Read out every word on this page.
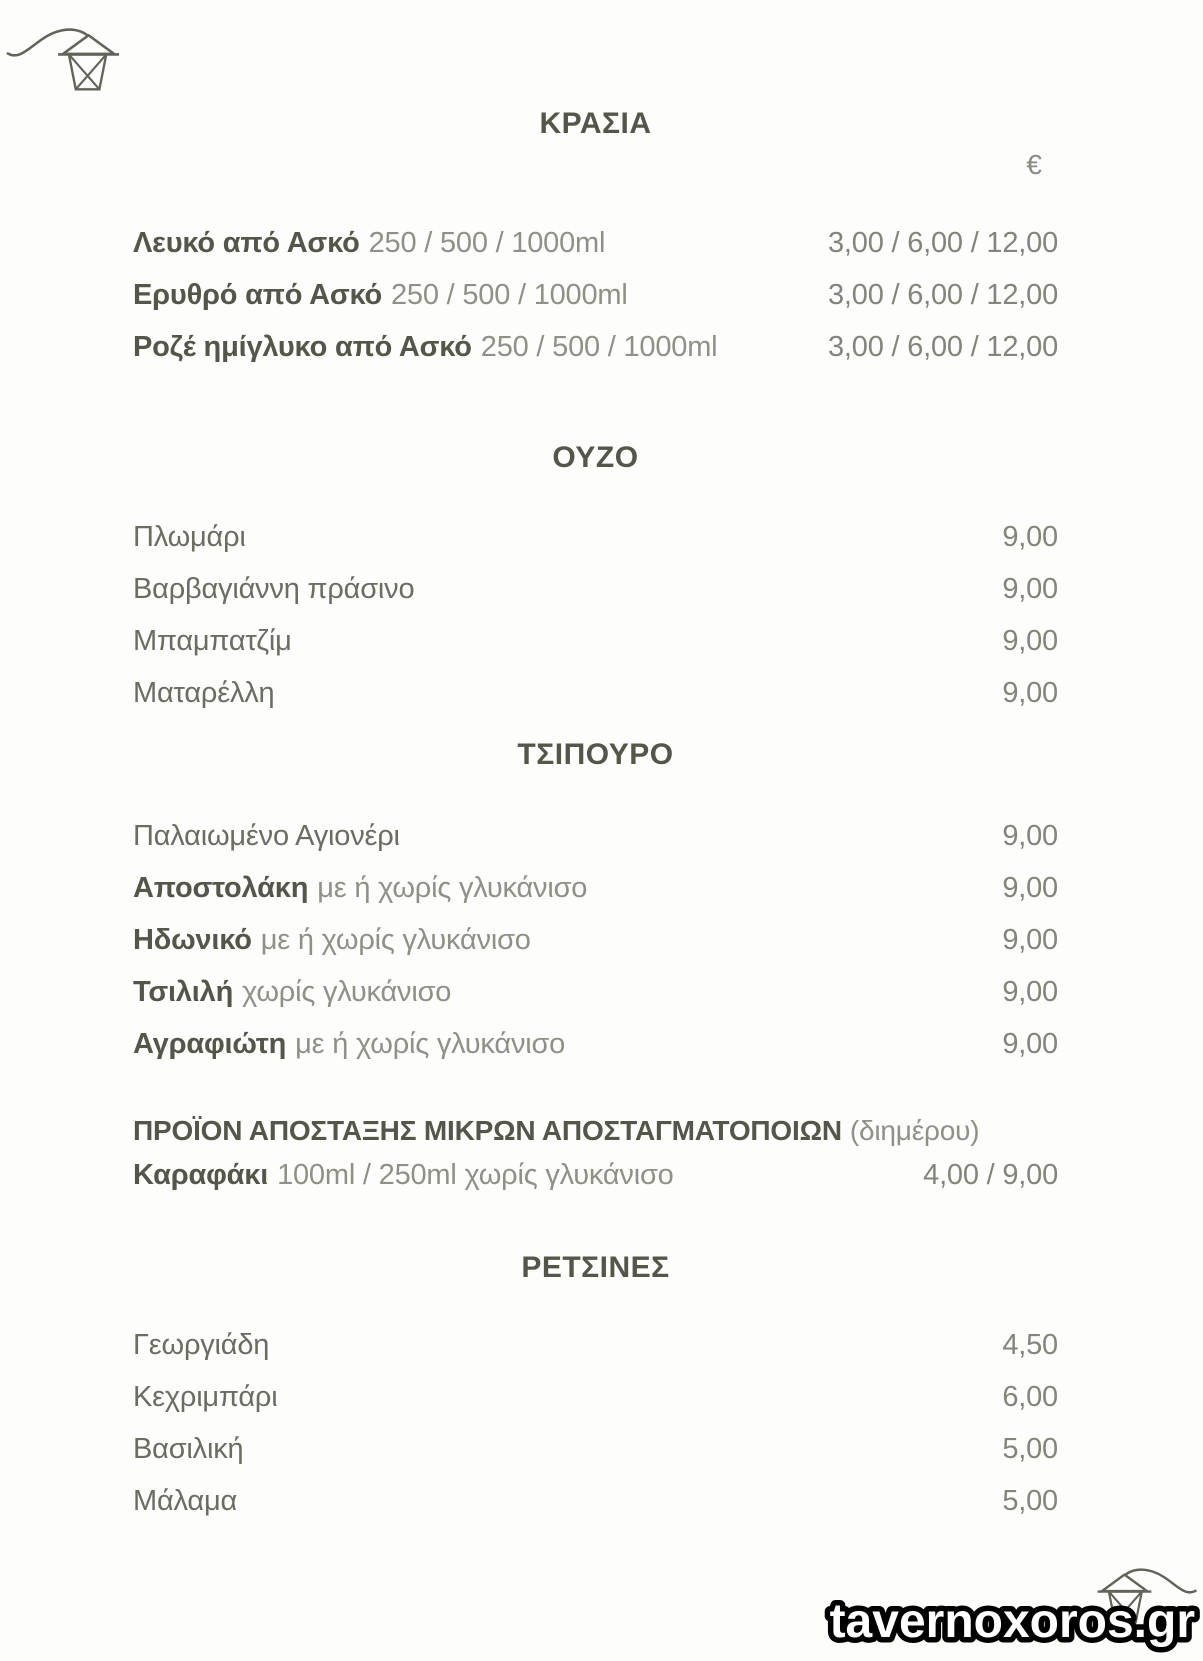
ΚΡΑΣΙΑ
€
Λευκό από Ασκό 250 / 500 / 1000ml	3,00 / 6,00 / 12,00
Ερυθρό από Ασκό 250 / 500 / 1000ml	3,00 / 6,00 / 12,00
Ροζέ ημίγλυκο από Ασκό 250 / 500 / 1000ml	3,00 / 6,00 / 12,00
ΟΥΖΟ
Πλωμάρι	9,00
Βαρβαγιάννη πράσινο	9,00
Μπαμπατζίμ	9,00
Ματαρέλλη	9,00
ΤΣΙΠΟΥΡΟ
Παλαιωμένο Αγιονέρι	9,00
Αποστολάκη με ή χωρίς γλυκάνισο	9,00
Ηδωνικό με ή χωρίς γλυκάνισο	9,00
Τσιλιλή χωρίς γλυκάνισο	9,00
Αγραφιώτη με ή χωρίς γλυκάνισο	9,00
ΠΡΟΪΟΝ ΑΠΟΣΤΑΞΗΣ ΜΙΚΡΩΝ ΑΠΟΣΤΑΓΜΑΤΟΠΟΙΩΝ (διημέρου)
Καραφάκι 100ml / 250ml χωρίς γλυκάνισο	4,00 / 9,00
ΡΕΤΣΙΝΕΣ
Γεωργιάδη	4,50
Κεχριμπάρι	6,00
Βασιλική	5,00
Μάλαμα	5,00
tavernoxoros.gr
